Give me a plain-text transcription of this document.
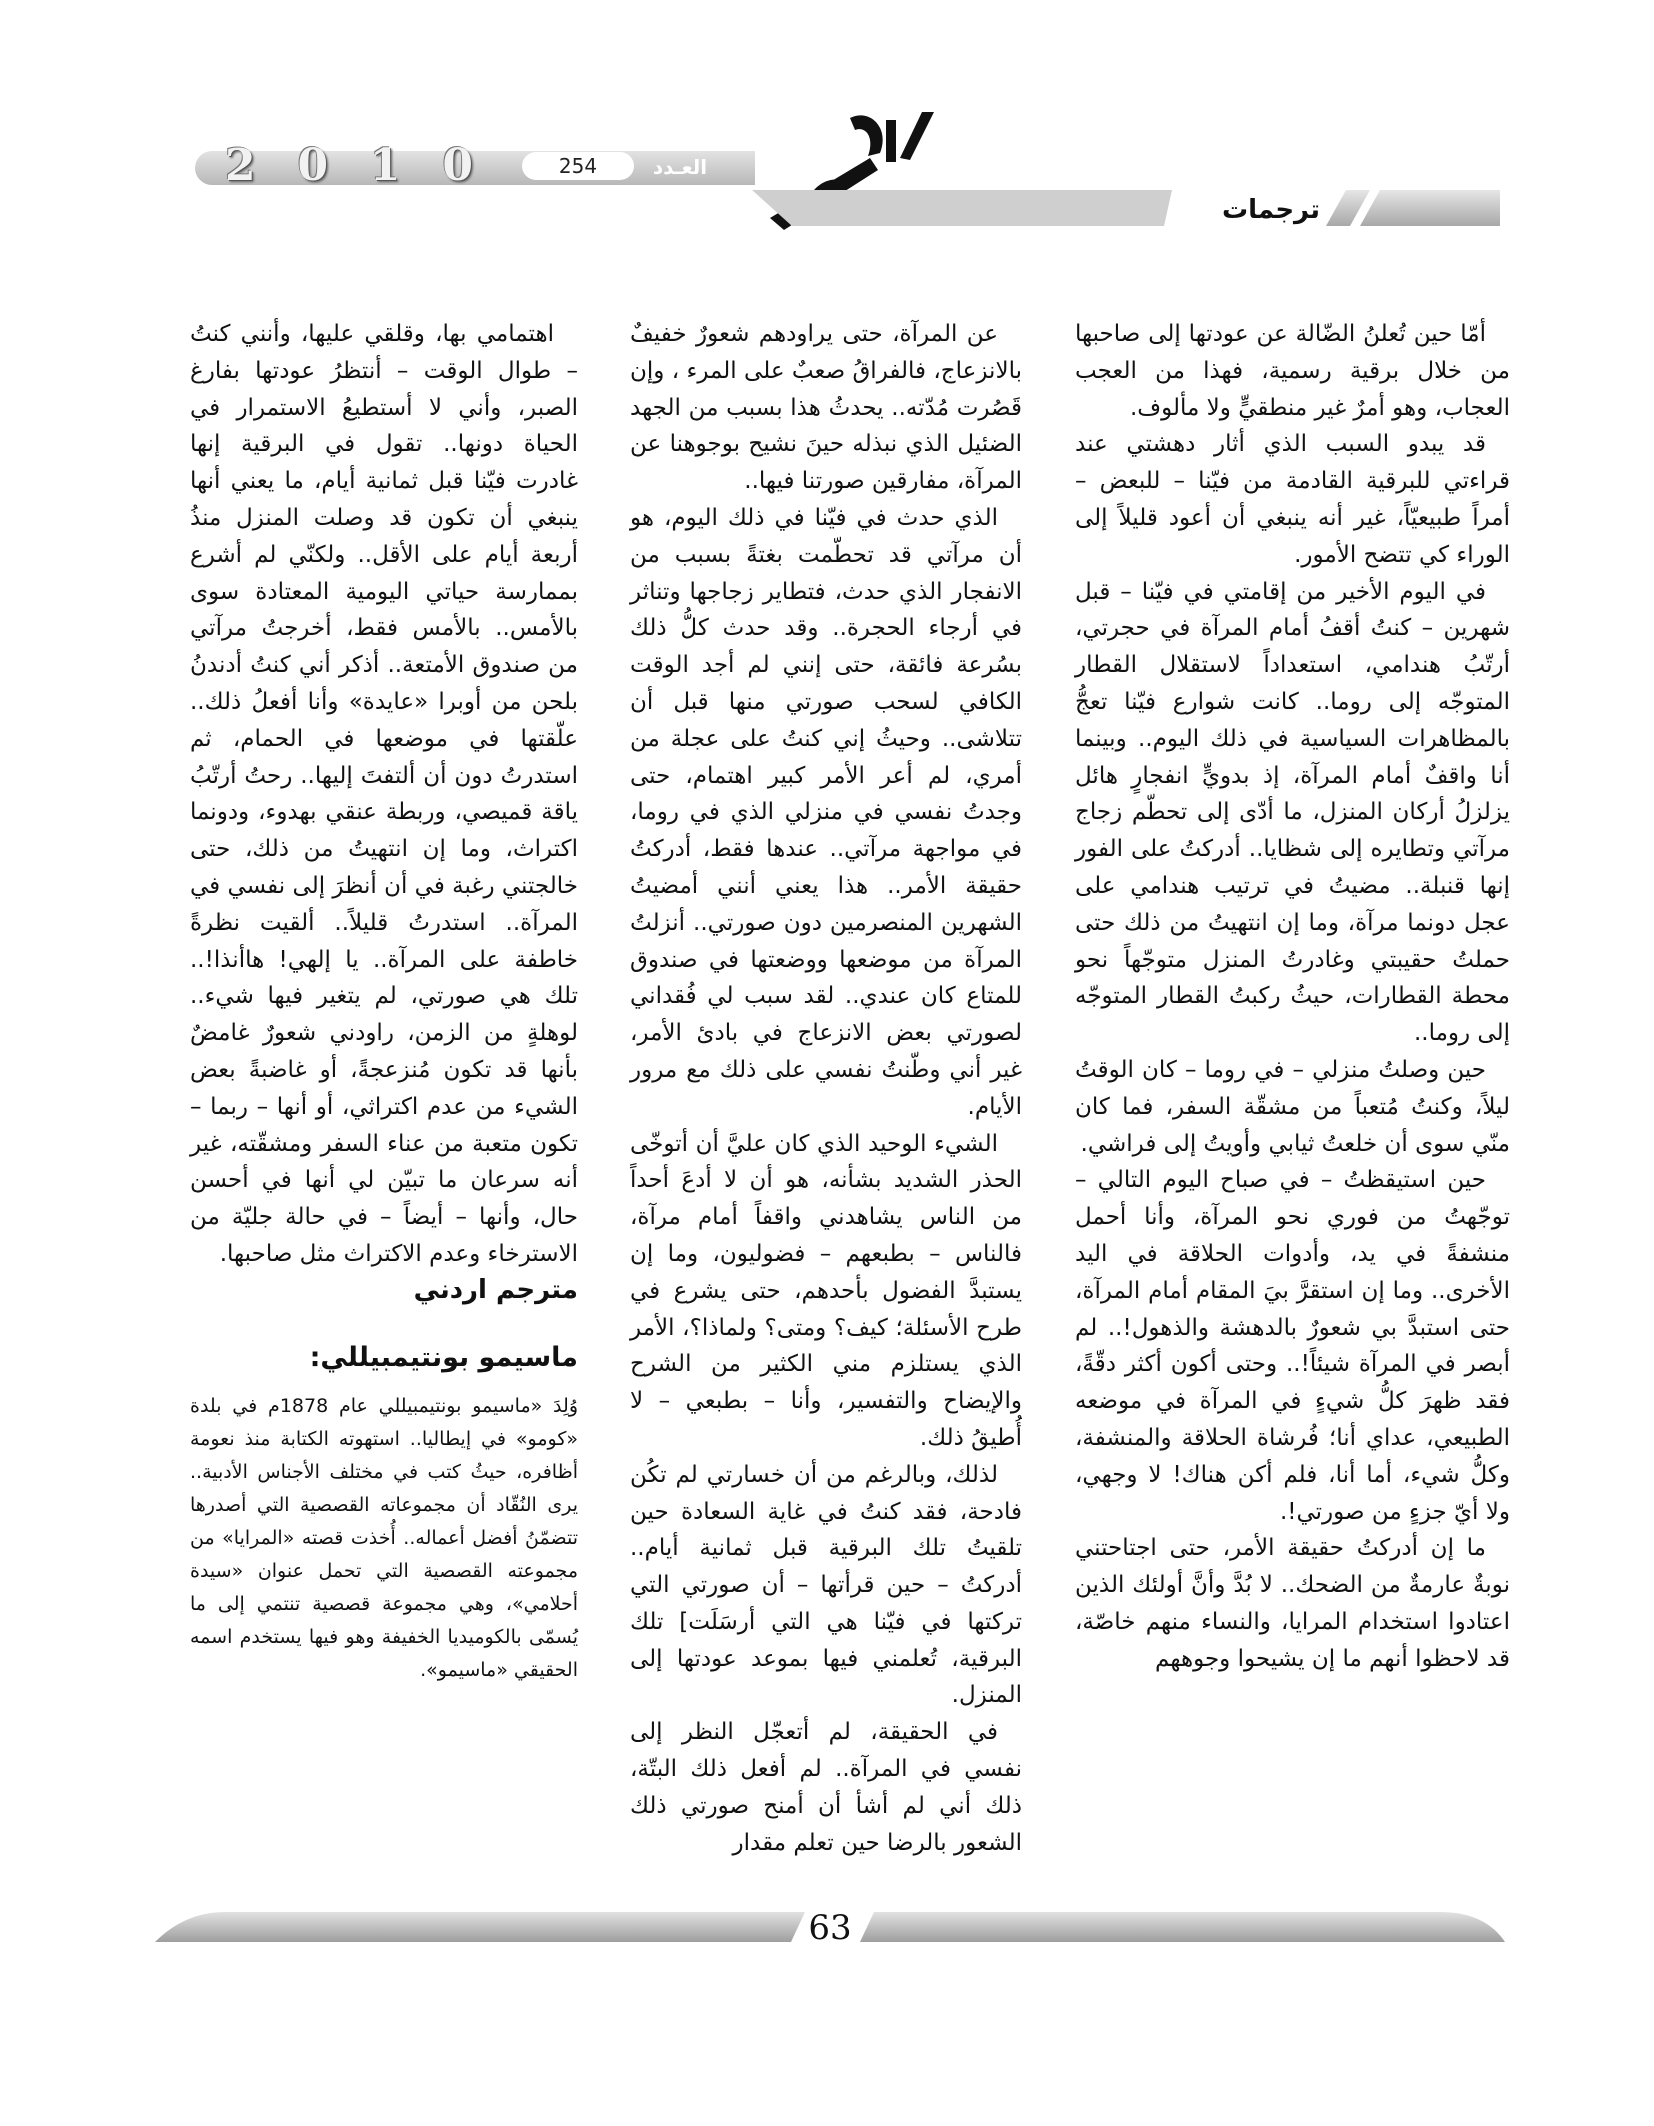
2 0 1 0	254	العـدد
ترجمات

أمّا حين تُعلنُ الضّالة عن عودتها إلى صاحبها من خلال برقية رسمية، فهذا من العجب العجاب، وهو أمرٌ غير منطقيٍّ ولا مألوف.

قد يبدو السبب الذي أثار دهشتي عند قراءتي للبرقية القادمة من فيّنا – للبعض – أمراً طبيعيّاً، غير أنه ينبغي أن أعود قليلاً إلى الوراء كي تتضح الأمور.

في اليوم الأخير من إقامتي في فيّنا – قبل شهرين – كنتُ أقفُ أمام المرآة في حجرتي، أرتّبُ هندامي، استعداداً لاستقلال القطار المتوجّه إلى روما.. كانت شوارع فيّنا تعجُّ بالمظاهرات السياسية في ذلك اليوم.. وبينما أنا واقفٌ أمام المرآة، إذ بدويٍّ انفجارٍ هائل يزلزلُ أركان المنزل، ما أدّى إلى تحطّم زجاج مرآتي وتطايره إلى شظايا.. أدركتُ على الفور إنها قنبلة.. مضيتُ في ترتيب هندامي على عجل دونما مرآة، وما إن انتهيتُ من ذلك حتى حملتُ حقيبتي وغادرتُ المنزل متوجّهاً نحو محطة القطارات، حيثُ ركبتُ القطار المتوجّه إلى روما..

حين وصلتُ منزلي – في روما – كان الوقتُ ليلاً، وكنتُ مُتعباً من مشقّة السفر، فما كان منّي سوى أن خلعتُ ثيابي وأويتُ إلى فراشي.

حين استيقظتُ – في صباح اليوم التالي – توجّهتُ من فوري نحو المرآة، وأنا أحمل منشفةً في يد، وأدوات الحلاقة في اليد الأخرى.. وما إن استقرَّ بيَ المقام أمام المرآة، حتى استبدَّ بي شعورٌ بالدهشة والذهول!.. لم أبصر في المرآة شيئاً!.. وحتى أكون أكثر دقّةً، فقد ظهرَ كلُّ شيءٍ في المرآة في موضعه الطبيعي، عداي أنا؛ فُرشاة الحلاقة والمنشفة، وكلُّ شيء، أما أنا، فلم أكن هناك! لا وجهي، ولا أيّ جزءٍ من صورتي!.

ما إن أدركتُ حقيقة الأمر، حتى اجتاحتني نوبةٌ عارمةٌ من الضحك.. لا بُدَّ وأنَّ أولئك الذين اعتادوا استخدام المرايا، والنساء منهم خاصّة، قد لاحظوا أنهم ما إن يشيحوا وجوههم

عن المرآة، حتى يراودهم شعورٌ خفيفٌ بالانزعاج، فالفراقُ صعبٌ على المرء ، وإن قَصُرت مُدّته.. يحدثُ هذا بسبب من الجهد الضئيل الذي نبذله حينَ نشيح بوجوهنا عن المرآة، مفارقين صورتنا فيها..

الذي حدث في فيّنا في ذلك اليوم، هو أن مرآتي قد تحطّمت بغتةً بسبب من الانفجار الذي حدث، فتطاير زجاجها وتناثر في أرجاء الحجرة.. وقد حدث كلُّ ذلك بسُرعة فائقة، حتى إنني لم أجد الوقت الكافي لسحب صورتي منها قبل أن تتلاشى.. وحيثُ إني كنتُ على عجلة من أمري، لم أعر الأمر كبير اهتمام، حتى وجدتُ نفسي في منزلي الذي في روما، في مواجهة مرآتي.. عندها فقط، أدركتُ حقيقة الأمر.. هذا يعني أنني أمضيتُ الشهرين المنصرمين دون صورتي.. أنزلتُ المرآة من موضعها ووضعتها في صندوق للمتاع كان عندي.. لقد سبب لي فُقداني لصورتي بعض الانزعاج في بادئ الأمر، غير أني وطّنتُ نفسي على ذلك مع مرور الأيام.

الشيء الوحيد الذي كان عليَّ أن أتوخّى الحذر الشديد بشأنه، هو أن لا أدعَ أحداً من الناس يشاهدني واقفاً أمام مرآة، فالناس – بطبعهم – فضوليون، وما إن يستبدَّ الفضول بأحدهم، حتى يشرع في طرح الأسئلة؛ كيف؟ ومتى؟ ولماذا؟، الأمر الذي يستلزم مني الكثير من الشرح والإيضاح والتفسير، وأنا – بطبعي – لا أُطيقُ ذلك.

لذلك، وبالرغم من أن خسارتي لم تكُن فادحة، فقد كنتُ في غاية السعادة حين تلقيتُ تلك البرقية قبل ثمانية أيام.. أدركتُ – حين قرأتها – أن صورتي التي تركتها في فيّنا هي التي أرسَلَت] تلك البرقية، تُعلمني فيها بموعد عودتها إلى المنزل.

في الحقيقة، لم أتعجّل النظر إلى نفسي في المرآة.. لم أفعل ذلك البتّة، ذلك أني لم أشأ أن أمنح صورتي ذلك الشعور بالرضا حين تعلم مقدار

اهتمامي بها، وقلقي عليها، وأنني كنتُ – طوال الوقت – أنتظرُ عودتها بفارغ الصبر، وأني لا أستطيعُ الاستمرار في الحياة دونها.. تقول في البرقية إنها غادرت فيّنا قبل ثمانية أيام، ما يعني أنها ينبغي أن تكون قد وصلت المنزل منذُ أربعة أيام على الأقل.. ولكنّي لم أشرع بممارسة حياتي اليومية المعتادة سوى بالأمس.. بالأمس فقط، أخرجتُ مرآتي من صندوق الأمتعة.. أذكر أني كنتُ أدندنُ بلحن من أوبرا «عايدة» وأنا أفعلُ ذلك.. علّقتها في موضعها في الحمام، ثم استدرتُ دون أن ألتفتَ إليها.. رحتُ أرتّبُ ياقة قميصي، وربطة عنقي بهدوء، ودونما اكتراث، وما إن انتهيتُ من ذلك، حتى خالجتني رغبة في أن أنظرَ إلى نفسي في المرآة.. استدرتُ قليلاً.. ألقيت نظرةً خاطفة على المرآة.. يا إلهي! هاأنذا!.. تلك هي صورتي، لم يتغير فيها شيء.. لوهلةٍ من الزمن، راودني شعورٌ غامضٌ بأنها قد تكون مُنزعجةً، أو غاضبةً بعض الشيء من عدم اكتراثي، أو أنها – ربما – تكون متعبة من عناء السفر ومشقّته، غير أنه سرعان ما تبيّن لي أنها في أحسن حال، وأنها – أيضاً – في حالة جليّة من الاسترخاء وعدم الاكتراث مثل صاحبها.

مترجم اردني
ماسيمو بونتيمبيللي:
وُلِدَ «ماسيمو بونتيمبيللي عام 1878م في بلدة «كومو» في إيطاليا.. استهوته الكتابة منذ نعومة أظافره، حيثُ كتب في مختلف الأجناس الأدبية.. يرى النُقّاد أن مجموعاته القصصية التي أصدرها تتضمّنُ أفضل أعماله.. أُخذت قصته «المرايا» من مجموعته القصصية التي تحمل عنوان «سيدة أحلامي»، وهي مجموعة قصصية تنتمي إلى ما يُسمّى بالكوميديا الخفيفة وهو فيها يستخدم اسمه الحقيقي «ماسيمو».
63
